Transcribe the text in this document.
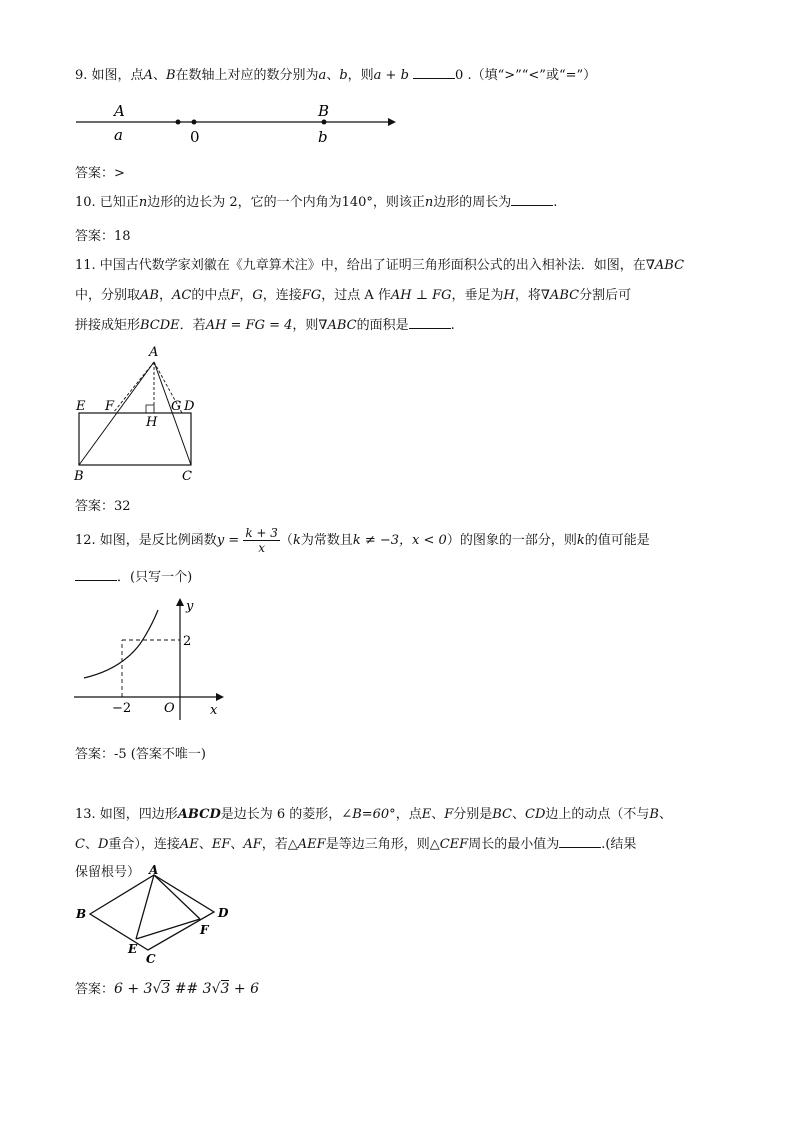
9. 如图，点A、B在数轴上对应的数分别为a、b，则a + b	0 .（填“>”“<”或“=”）
A
a	0
B
b
答案：>
10. 已知正n边形的边长为 2，它的一个内角为140°，则该正n边形的周长为	.
答案：18
11. 中国古代数学家刘徽在《九章算术注》中，给出了证明三角形面积公式的出入相补法．如图，在∇ABC
中，分别取AB，AC的中点F，G，连接FG，过点 A 作AH ⊥ FG，垂足为H，将∇ABC分割后可
拼接成矩形BCDE．若AH = FG = 4，则∇ABC的面积是	.
A
E F
H
G D
B	C
答案：32
12. 如图，是反比例函数$y = \frac{k + 3}{x} (k$为常数且k ≠ −3，x < 0）的图象的一部分，则k的值可能是
．(只写一个)
y
2
−2	O	x
答案：-5 (答案不唯一)
13. 如图，四边形ABCD是边长为 6 的菱形，∠B=60°，点E、F分别是BC、CD边上的动点（不与B、
C、D重合），连接AE、EF、AF，若△AEF是等边三角形，则△CEF周长的最小值为	.(结果
保留根号） A
B	D
F
E
C
答案：6 + 3√3 ## 3√3 + 6
